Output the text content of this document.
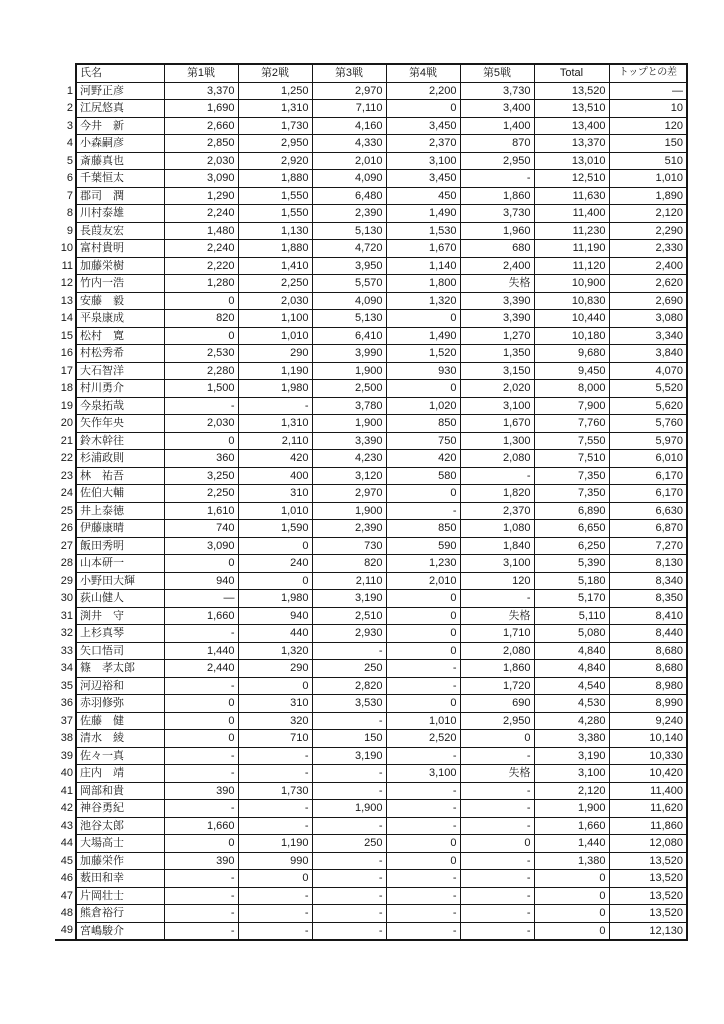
	氏名	第1戦	第2戦	第3戦	第4戦	第5戦	Total	トップとの差
1	河野正彦	3,370	1,250	2,970	2,200	3,730	13,520	―
2	江尻悠真	1,690	1,310	7,110	0	3,400	13,510	10
3	今井　新	2,660	1,730	4,160	3,450	1,400	13,400	120
4	小森嗣彦	2,850	2,950	4,330	2,370	870	13,370	150
5	斎藤真也	2,030	2,920	2,010	3,100	2,950	13,010	510
6	千葉恒太	3,090	1,880	4,090	3,450	-	12,510	1,010
7	郡司　潤	1,290	1,550	6,480	450	1,860	11,630	1,890
8	川村泰雄	2,240	1,550	2,390	1,490	3,730	11,400	2,120
9	長葭友宏	1,480	1,130	5,130	1,530	1,960	11,230	2,290
10	富村貴明	2,240	1,880	4,720	1,670	680	11,190	2,330
11	加藤栄樹	2,220	1,410	3,950	1,140	2,400	11,120	2,400
12	竹内一浩	1,280	2,250	5,570	1,800	失格	10,900	2,620
13	安藤　毅	0	2,030	4,090	1,320	3,390	10,830	2,690
14	平泉康成	820	1,100	5,130	0	3,390	10,440	3,080
15	松村　寛	0	1,010	6,410	1,490	1,270	10,180	3,340
16	村松秀希	2,530	290	3,990	1,520	1,350	9,680	3,840
17	大石智洋	2,280	1,190	1,900	930	3,150	9,450	4,070
18	村川勇介	1,500	1,980	2,500	0	2,020	8,000	5,520
19	今泉拓哉	-	-	3,780	1,020	3,100	7,900	5,620
20	矢作年央	2,030	1,310	1,900	850	1,670	7,760	5,760
21	鈴木幹往	0	2,110	3,390	750	1,300	7,550	5,970
22	杉浦政則	360	420	4,230	420	2,080	7,510	6,010
23	林　祐吾	3,250	400	3,120	580	-	7,350	6,170
24	佐伯大輔	2,250	310	2,970	0	1,820	7,350	6,170
25	井上泰徳	1,610	1,010	1,900	-	2,370	6,890	6,630
26	伊藤康晴	740	1,590	2,390	850	1,080	6,650	6,870
27	飯田秀明	3,090	0	730	590	1,840	6,250	7,270
28	山本研一	0	240	820	1,230	3,100	5,390	8,130
29	小野田大輝	940	0	2,110	2,010	120	5,180	8,340
30	荻山健人	―	1,980	3,190	0	-	5,170	8,350
31	渕井　守	1,660	940	2,510	0	失格	5,110	8,410
32	上杉真琴	-	440	2,930	0	1,710	5,080	8,440
33	矢口悟司	1,440	1,320	-	0	2,080	4,840	8,680
34	篠　孝太郎	2,440	290	250	-	1,860	4,840	8,680
35	河辺裕和	-	0	2,820	-	1,720	4,540	8,980
36	赤羽修弥	0	310	3,530	0	690	4,530	8,990
37	佐藤　健	0	320	-	1,010	2,950	4,280	9,240
38	清水　綾	0	710	150	2,520	0	3,380	10,140
39	佐々一真	-	-	3,190	-	-	3,190	10,330
40	庄内　靖	-	-	-	3,100	失格	3,100	10,420
41	岡部和貴	390	1,730	-	-	-	2,120	11,400
42	神谷勇紀	-	-	1,900	-	-	1,900	11,620
43	池谷太郎	1,660	-	-	-	-	1,660	11,860
44	大場高士	0	1,190	250	0	0	1,440	12,080
45	加藤栄作	390	990	-	0	-	1,380	13,520
46	薮田和幸	-	0	-	-	-	0	13,520
47	片岡壮士	-	-	-	-	-	0	13,520
48	熊倉裕行	-	-	-	-	-	0	13,520
49	宮嶋駿介	-	-	-	-	-	0	12,130
